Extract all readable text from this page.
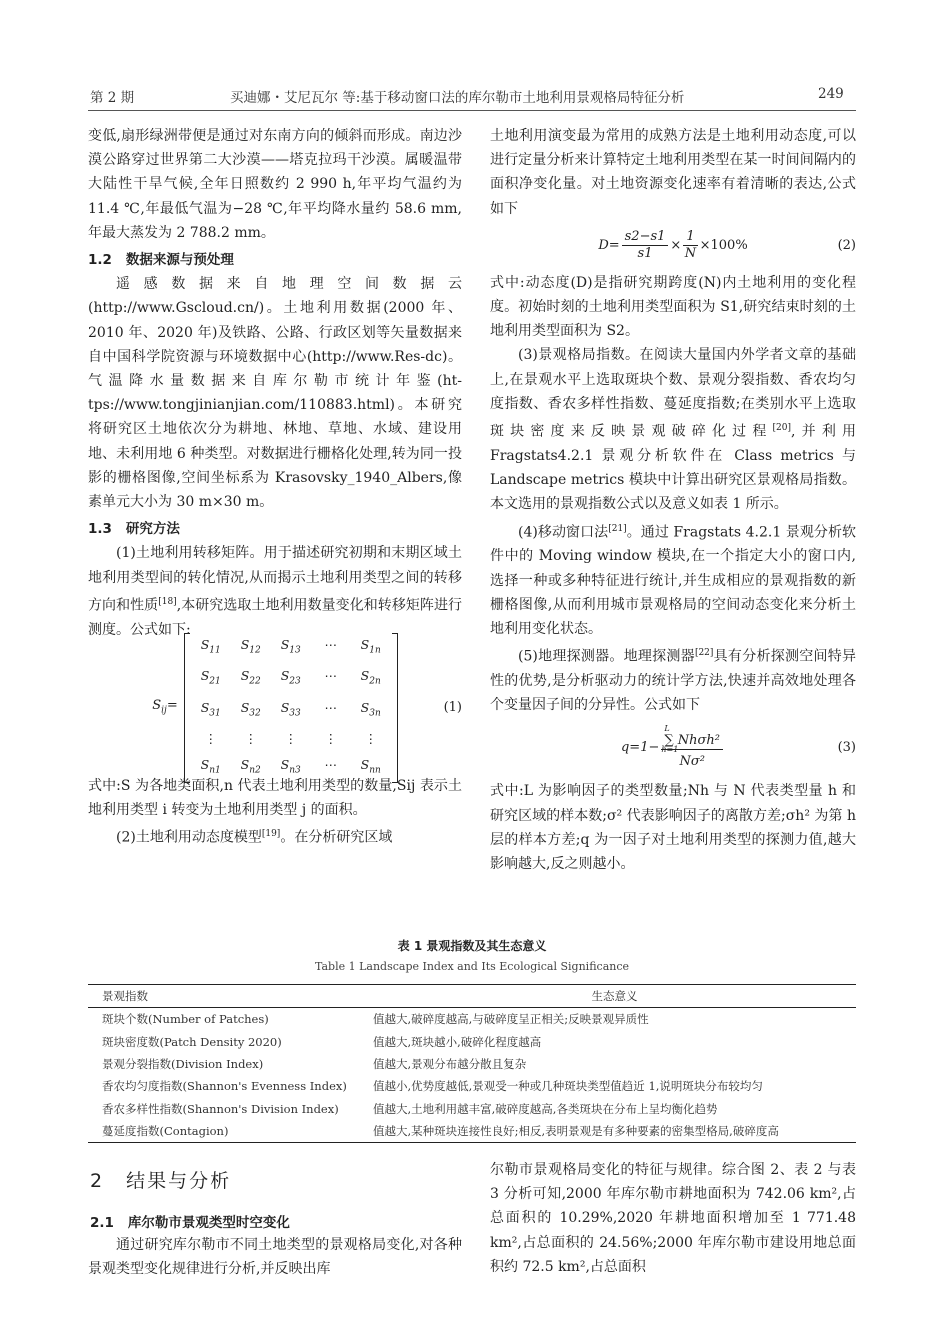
第 2 期	买迪娜・艾尼瓦尔 等:基于移动窗口法的库尔勒市土地利用景观格局特征分析	249

变低,扇形绿洲带便是通过对东南方向的倾斜而形成。南边沙漠公路穿过世界第二大沙漠——塔克拉玛干沙漠。属暖温带大陆性干旱气候,全年日照数约 2 990 h,年平均气温约为 11.4 ℃,年最低气温为−28 ℃,年平均降水量约 58.6 mm,年最大蒸发为 2 788.2 mm。

1.2 数据来源与预处理

遥感数据来自地理空间数据云(http://www.Gscloud.cn/)。土地利用数据(2000 年、2010 年、2020 年)及铁路、公路、行政区划等矢量数据来自中国科学院资源与环境数据中心(http://www.Res-dc)。气温降水量数据来自库尔勒市统计年鉴(ht-tps://www.tongjinianjian.com/110883.html)。本研究将研究区土地依次分为耕地、林地、草地、水域、建设用地、未利用地 6 种类型。对数据进行栅格化处理,转为同一投影的栅格图像,空间坐标系为 Krasovsky_1940_Albers,像素单元大小为 30 m×30 m。

1.3 研究方法

(1)土地利用转移矩阵。用于描述研究初期和末期区域土地利用类型间的转化情况,从而揭示土地利用类型之间的转移方向和性质[18],本研究选取土地利用数量变化和转移矩阵进行测度。公式如下:

$S_{ij}=$
$S_{11}$	$S_{12}$	$S_{13}$	⋯	$S_{1n}$
$S_{21}$	$S_{22}$	$S_{23}$	⋯	$S_{2n}$
$S_{31}$	$S_{32}$	$S_{33}$	⋯	$S_{3n}$
⋮	⋮	⋮	⋮	⋮
$S_{n1}$	$S_{n2}$	$S_{n3}$	⋯	$S_{nn}$
(1)

式中:S 为各地类面积,n 代表土地利用类型的数量,Sij 表示土地利用类型 i 转变为土地利用类型 j 的面积。

(2)土地利用动态度模型[19]。在分析研究区域

土地利用演变最为常用的成熟方法是土地利用动态度,可以进行定量分析来计算特定土地利用类型在某一时间间隔内的面积净变化量。对土地资源变化速率有着清晰的表达,公式如下

$D= \frac{s2-s1}{s1} \times \frac{1}{N} \times 100\%$	(2)

式中:动态度(D)是指研究期跨度(N)内土地利用的变化程度。初始时刻的土地利用类型面积为 S1,研究结束时刻的土地利用类型面积为 S2。

(3)景观格局指数。在阅读大量国内外学者文章的基础上,在景观水平上选取斑块个数、景观分裂指数、香农均匀度指数、香农多样性指数、蔓延度指数;在类别水平上选取斑块密度来反映景观破碎化过程[20],并利用 Fragstats4.2.1 景观分析软件在 Class metrics 与 Landscape metrics 模块中计算出研究区景观格局指数。本文选用的景观指数公式以及意义如表 1 所示。

(4)移动窗口法[21]。通过 Fragstats 4.2.1 景观分析软件中的 Moving window 模块,在一个指定大小的窗口内,选择一种或多种特征进行统计,并生成相应的景观指数的新栅格图像,从而利用城市景观格局的空间动态变化来分析土地利用变化状态。

(5)地理探测器。地理探测器[22]具有分析探测空间特异性的优势,是分析驱动力的统计学方法,快速并高效地处理各个变量因子间的分异性。公式如下

q=1− L
∑ Nhσh²
h=1
Nσ²	(3)

式中:L 为影响因子的类型数量;Nh 与 N 代表类型量 h 和研究区域的样本数;σ² 代表影响因子的离散方差;σh² 为第 h 层的样本方差;q 为一因子对土地利用类型的探测力值,越大影响越大,反之则越小。

表 1 景观指数及其生态意义
Table 1 Landscape Index and Its Ecological Significance
景观指数	生态意义
斑块个数(Number of Patches)	值越大,破碎度越高,与破碎度呈正相关;反映景观异质性
斑块密度数(Patch Density 2020)	值越大,斑块越小,破碎化程度越高
景观分裂指数(Division Index)	值越大,景观分布越分散且复杂
香农均匀度指数(Shannon's Evenness Index)	值越小,优势度越低,景观受一种或几种斑块类型值趋近 1,说明斑块分布较均匀
香农多样性指数(Shannon's Division Index)	值越大,土地利用越丰富,破碎度越高,各类斑块在分布上呈均衡化趋势
蔓延度指数(Contagion)	值越大,某种斑块连接性良好;相反,表明景观是有多种要素的密集型格局,破碎度高
2 结果与分析
2.1 库尔勒市景观类型时空变化
通过研究库尔勒市不同土地类型的景观格局变化,对各种景观类型变化规律进行分析,并反映出库
尔勒市景观格局变化的特征与规律。综合图 2、表 2 与表 3 分析可知,2000 年库尔勒市耕地面积为 742.06 km²,占总面积的 10.29%,2020 年耕地面积增加至 1 771.48 km²,占总面积的 24.56%;2000 年库尔勒市建设用地总面积约 72.5 km²,占总面积
